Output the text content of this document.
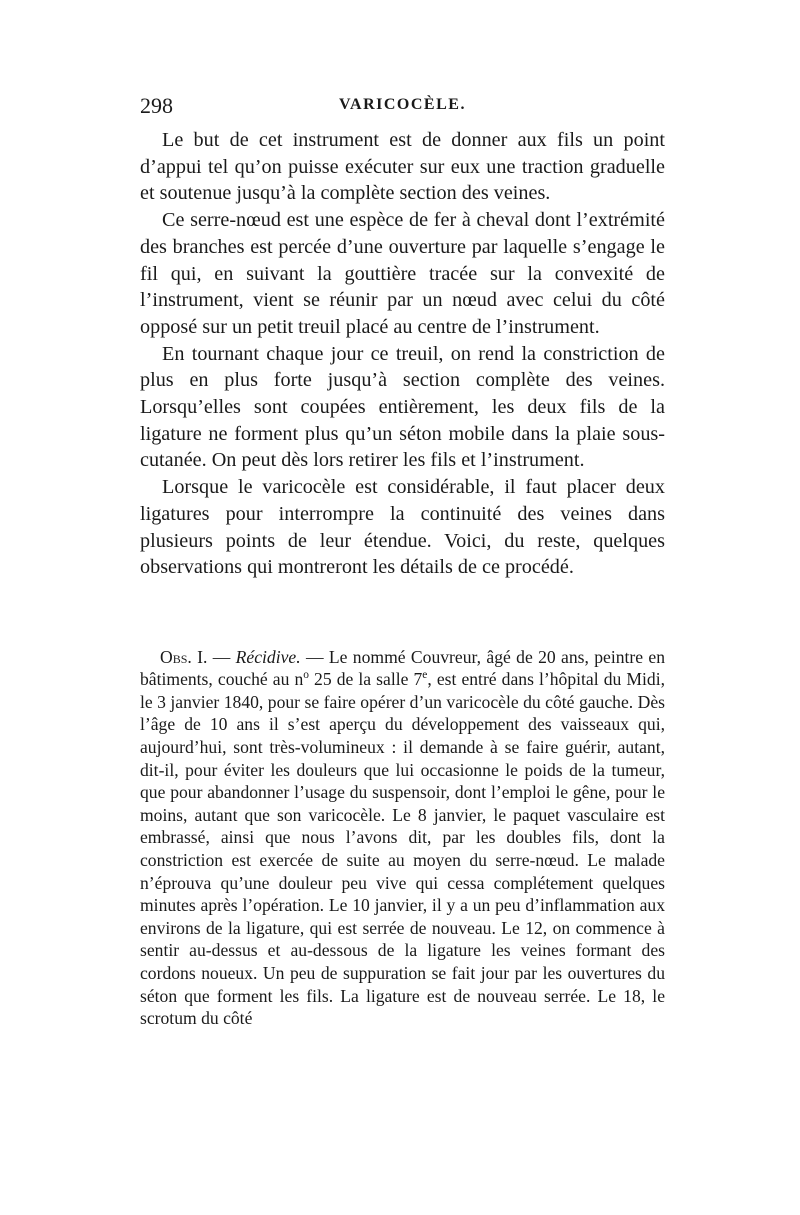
298	VARICOCÈLE.

Le but de cet instrument est de donner aux fils un point d’appui tel qu’on puisse exécuter sur eux une traction graduelle et soutenue jusqu’à la complète section des veines.

Ce serre-nœud est une espèce de fer à cheval dont l’extrémité des branches est percée d’une ouverture par laquelle s’engage le fil qui, en suivant la gouttière tracée sur la convexité de l’instrument, vient se réunir par un nœud avec celui du côté opposé sur un petit treuil placé au centre de l’instrument.

En tournant chaque jour ce treuil, on rend la constriction de plus en plus forte jusqu’à section complète des veines. Lorsqu’elles sont coupées entièrement, les deux fils de la ligature ne forment plus qu’un séton mobile dans la plaie sous-cutanée. On peut dès lors retirer les fils et l’instrument.

Lorsque le varicocèle est considérable, il faut placer deux ligatures pour interrompre la continuité des veines dans plusieurs points de leur étendue. Voici, du reste, quelques observations qui montreront les détails de ce procédé.

Obs. I. — Récidive. — Le nommé Couvreur, âgé de 20 ans, peintre en bâtiments, couché au $n^o$ 25 de la salle 7e, est entré dans l’hôpital du Midi, le 3 janvier 1840, pour se faire opérer d’un varicocèle du côté gauche. Dès l’âge de 10 ans il s’est aperçu du développement des vaisseaux qui, aujourd’hui, sont très-volumineux : il demande à se faire guérir, autant, dit-il, pour éviter les douleurs que lui occasionne le poids de la tumeur, que pour abandonner l’usage du suspensoir, dont l’emploi le gêne, pour le moins, autant que son varicocèle. Le 8 janvier, le paquet vasculaire est embrassé, ainsi que nous l’avons dit, par les doubles fils, dont la constriction est exercée de suite au moyen du serre-nœud. Le malade n’éprouva qu’une douleur peu vive qui cessa complétement quelques minutes après l’opération. Le 10 janvier, il y a un peu d’inflammation aux environs de la ligature, qui est serrée de nouveau. Le 12, on commence à sentir au-dessus et au-dessous de la ligature les veines formant des cordons noueux. Un peu de suppuration se fait jour par les ouvertures du séton que forment les fils. La ligature est de nouveau serrée. Le 18, le scrotum du côté
